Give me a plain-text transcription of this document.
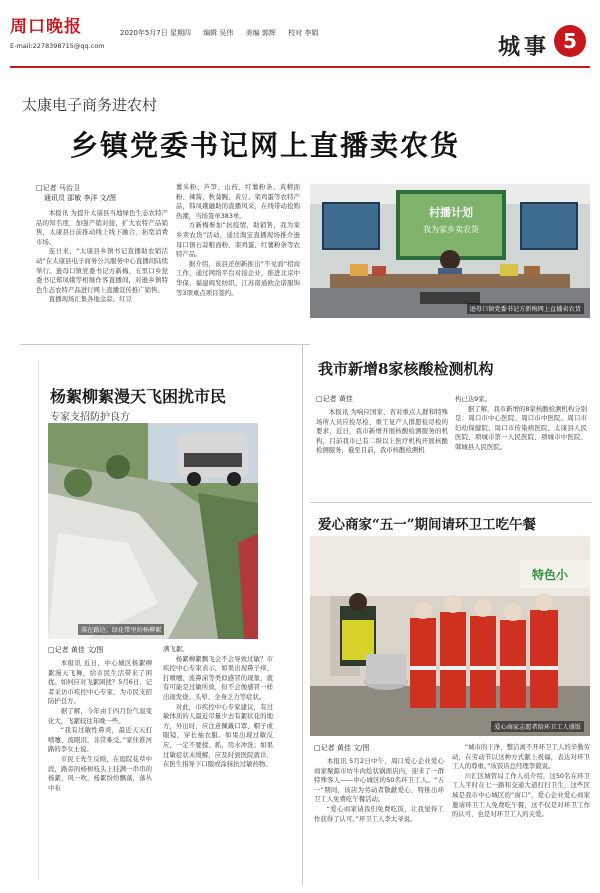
周口晚报	2020年5月7日 星期四 编辑 吴伟 美编 郭辉 校对 李娟
E-mail:2278398715@qq.com	城事 5
太康电子商务进农村
乡镇党委书记网上直播卖农货
□记者 马治卫
通讯员 邵敏 李洋 文/图

本报讯 为提升太康县当地绿色生态农特产品的知名度，加强产销对接，扩大农特产品销售，太康县日前推动线上线下融合，拓宽消费市场。

连日来，“太康县乡镇书记直播助农销活动”在太康县电子商务公共服务中心直播间陆续举行。逊母口镇党委书记方新梅、五里口乡党委书记郑凤娥等相继作客直播间，对逊乡镇特色生态农特产品进行网上直播宣传推广销售。

直播现场汇集各地金蒜、红豆

薯米粉、芦笋、山药、红薯粉条、黄精面粉、辣酱、秋葵腕、黄豆、栾鸡蛋等农特产品，韩凤娥融助的直播风采，在线带动抢购热潮，当场签单383单。

方新梅参加“抗疫情，助销售，我为家乡卖农货”活动，通过淘宝直播现场推介逊母口镇石蒜粮面粉、栾鸡蛋、红薯粉条等农特产品。

据介绍，该县还创新推出“不见面”招商工作，通过网络平台对接企业，推进北京中华保、福建闽发纺织、江苏南通欧企诺服饰等3项重点项目签约。

村播计划
我为家乡卖农货
逊母口镇党委书记方新梅网上直播卖农货
我市新增8家核酸检测机构
□记者 黄佳

本报讯 为响应国家、省对重点人群和特殊场所人员应检尽检、重工复产人群愿检尽检的要求，近日，我市新增开展核酸检测服务的机构，目前我市已有二级以上医疗机构开展核酸检测服务，截至目前，我市核酸检测机

构已达9家。

据了解，我市新增的8家核酸检测机构分别是：周口市中心医院、周口市中医院、周口市妇幼保健院、周口市传染病医院、太康县人民医院、项城市第一人民医院、项城市中医院、郸城县人民医院。

杨絮柳絮漫天飞困扰市民
专家支招防护良方
落在路边、绿化带里的杨柳絮
□记者 黄佳 文/图

本报讯 近日，中心城区杨絮柳絮漫天飞舞，给市民生活带来了困扰。如何应对飞絮困扰？5月6日，记者采访市疾控中心专家，为市民支招防护良方。

据了解，今年由于四月份气温变化大，飞絮较往年晚一些。

“我有过敏性鼻炎，最近天天打喷嚏、流眼泪，非常难受。”家住淮河路的李女士说。

市民王先生反映，在庭院花草中段，路旁的杨树枝头上挂满一串串的杨絮，风一吹，杨絮纷纷飘落，落丛中布

满飞絮。

杨絮柳絮飘飞会不会导致过敏？市疾控中心专家表示，如果出现鼻子痒、打喷嚏、流鼻涕等类似感冒的现象，就有可能是过敏所致，但不会像感冒一样出现发烧、头晕、全身乏力等症状。

对此，市疾控中心专家建议，有过敏体质的人最近尽量少去有絮状花的地方，外出时，应注意佩戴口罩、帽子或眼镜，穿长袖衣服。如果出现过敏反应，一定不要揉、抓，用水冲洗；如果过敏症状未缓解，应及时到医院就诊，在医生指导下口服或涂抹抗过敏药物。

爱心商家“五一”期间请环卫工吃午餐
特色小
爱心商家志愿者给环卫工人盛饭
□记者 黄佳 文/图

本报讯 5月2日中午，周口爱心企业爱心商家聚源市坊牛肉烩状锅面店内，迎来了一群特殊客人——中心城区的50名环卫工人。“五一”期间，该店为劳动者敬献爱心，特推出环卫工人免费吃午餐活动。

“爱心商家请我们免费吃饭，让我觉得工作获得了认可。”环卫工人李大爷说。

“城市的干净，整洁离不开环卫工人的辛勤劳动，在劳动节以这种方式献上祝福，表达对环卫工人的尊重。”该饭店总经理李毅说。

川汇区城管局工作人员介绍，这50名在环卫工人平时在七一路和交通大道打扫卫生，这些区域是我市中心城区的“窗口”，爱心企业爱心商家邀请环卫工人免费吃午餐，这不仅是对环卫工作的认可，也是对环卫工人的关爱。
